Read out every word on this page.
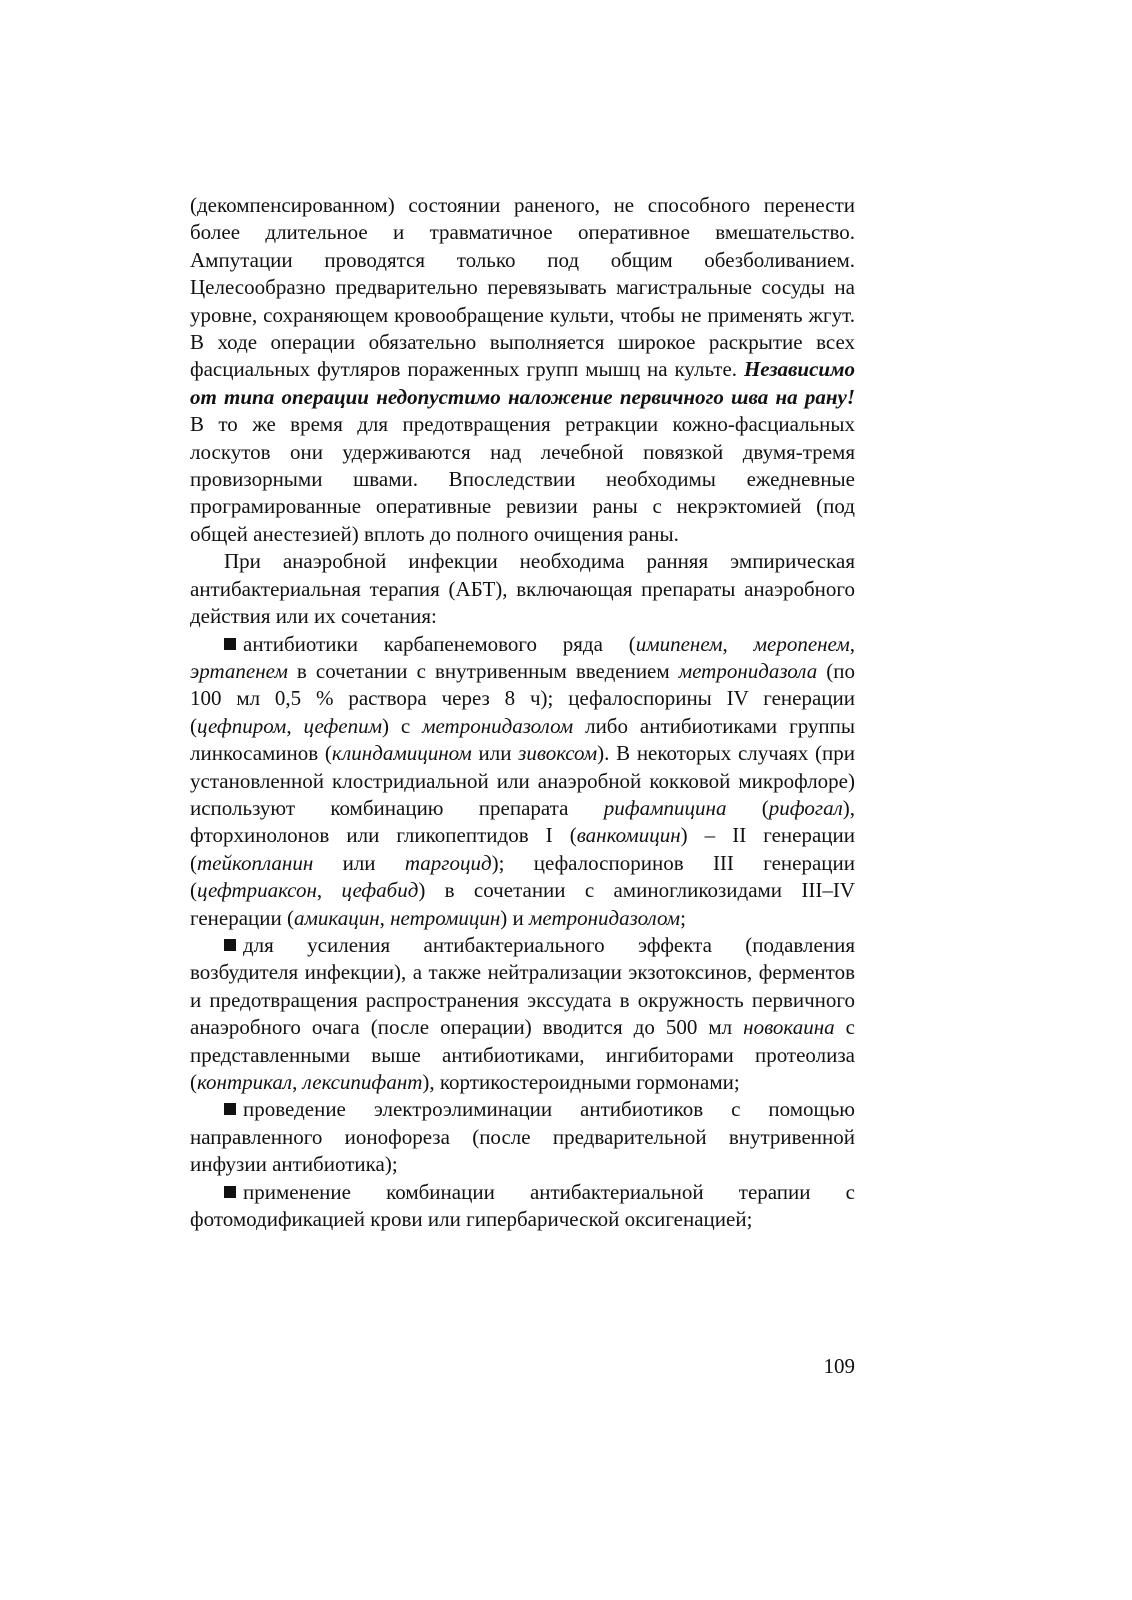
(декомпенсированном) состоянии раненого, не способного перенести более длительное и травматичное оперативное вмешательство. Ампутации проводятся только под общим обезболиванием. Целесообразно предварительно перевязывать магистральные сосуды на уровне, сохраняющем кровообращение культи, чтобы не применять жгут. В ходе операции обязательно выполняется широкое раскрытие всех фасциальных футляров пораженных групп мышц на культе. Независимо от типа операции недопустимо наложение первичного шва на рану! В то же время для предотвращения ретракции кожно-фасциальных лоскутов они удерживаются над лечебной повязкой двумя-тремя провизорными швами. Впоследствии необходимы ежедневные програмированные оперативные ревизии раны с некрэктомией (под общей анестезией) вплоть до полного очищения раны.

При анаэробной инфекции необходима ранняя эмпирическая антибактериальная терапия (АБТ), включающая препараты анаэробного действия или их сочетания:

антибиотики карбапенемового ряда (имипенем, меропенем, эртапенем в сочетании с внутривенным введением метронидазола (по 100 мл 0,5 % раствора через 8 ч); цефалоспорины IV генерации (цефпиром, цефепим) с метронидазолом либо антибиотиками группы линкосаминов (клиндамицином или зивоксом). В некоторых случаях (при установленной клостридиальной или анаэробной кокковой микрофлоре) используют комбинацию препарата рифампицина (рифогал), фторхинолонов или гликопептидов I (ванкомицин) – II генерации (тейкопланин или таргоцид); цефалоспоринов III генерации (цефтриаксон, цефабид) в сочетании с аминогликозидами III–IV генерации (амикацин, нетромицин) и метронидазолом;

для усиления антибактериального эффекта (подавления возбудителя инфекции), а также нейтрализации экзотоксинов, ферментов и предотвращения распространения экссудата в окружность первичного анаэробного очага (после операции) вводится до 500 мл новокаина с представленными выше антибиотиками, ингибиторами протеолиза (контрикал, лексипифант), кортикостероидными гормонами;

проведение электроэлиминации антибиотиков с помощью направленного ионофореза (после предварительной внутривенной инфузии антибиотика);

применение комбинации антибактериальной терапии с фотомодификацией крови или гипербарической оксигенацией;

109
